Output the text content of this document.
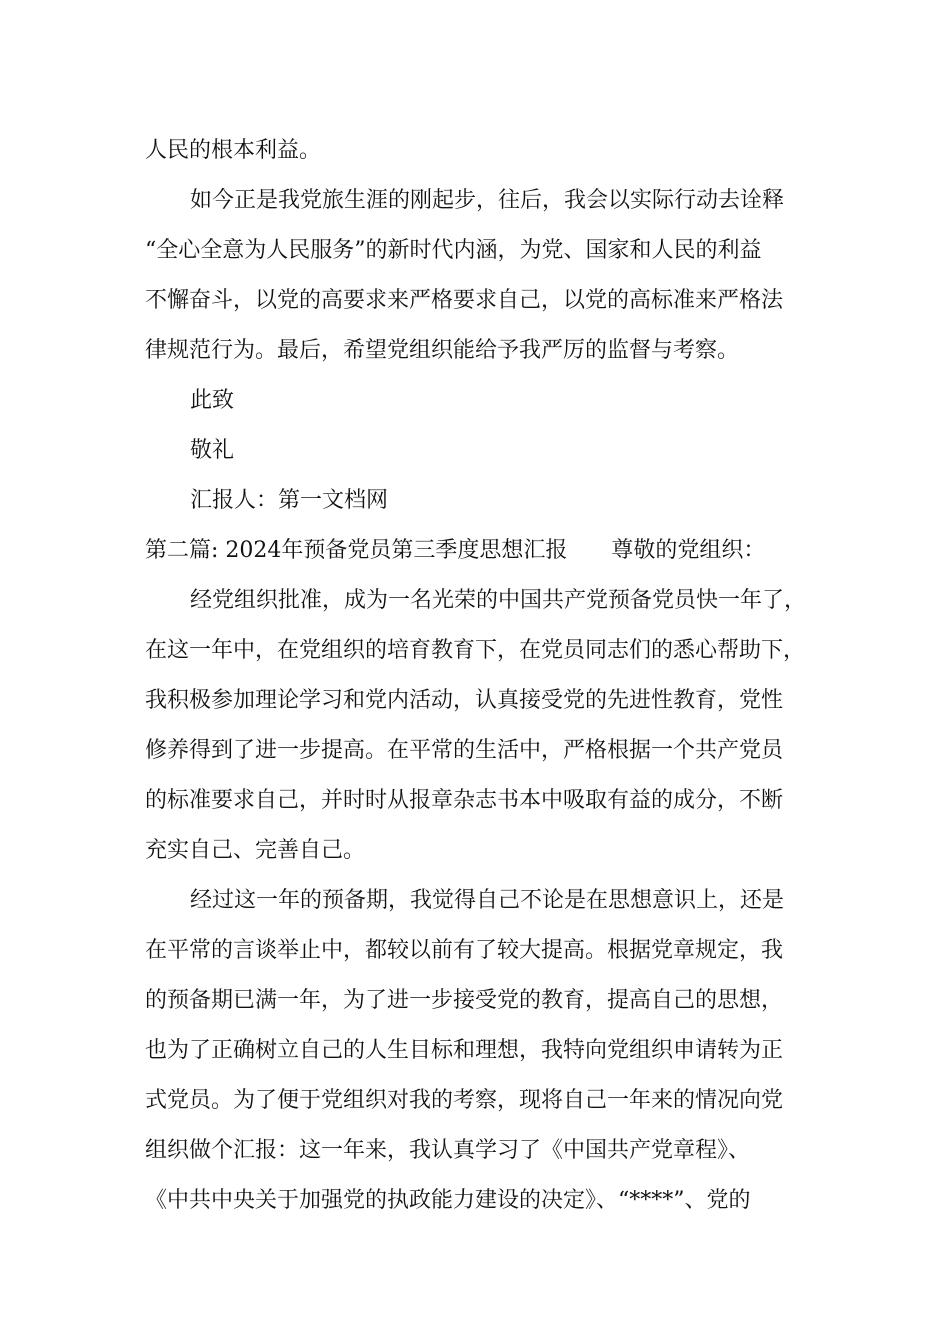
人民的根本利益。
如今正是我党旅生涯的刚起步，往后，我会以实际行动去诠释
“全心全意为人民服务”的新时代内涵，为党、国家和人民的利益
不懈奋斗，以党的高要求来严格要求自己，以党的高标准来严格法
律规范行为。最后，希望党组织能给予我严厉的监督与考察。
此致
敬礼
汇报人：第一文档网
第二篇: 2024年预备党员第三季度思想汇报 尊敬的党组织：
经党组织批准，成为一名光荣的中国共产党预备党员快一年了，
在这一年中，在党组织的培育教育下，在党员同志们的悉心帮助下，
我积极参加理论学习和党内活动，认真接受党的先进性教育，党性
修养得到了进一步提高。在平常的生活中，严格根据一个共产党员
的标准要求自己，并时时从报章杂志书本中吸取有益的成分，不断
充实自己、完善自己。
经过这一年的预备期，我觉得自己不论是在思想意识上，还是
在平常的言谈举止中，都较以前有了较大提高。根据党章规定，我
的预备期已满一年，为了进一步接受党的教育，提高自己的思想，
也为了正确树立自己的人生目标和理想，我特向党组织申请转为正
式党员。为了便于党组织对我的考察，现将自己一年来的情况向党
组织做个汇报：这一年来，我认真学习了《中国共产党章程》、
《中共中央关于加强党的执政能力建设的决定》、“****”、党的
